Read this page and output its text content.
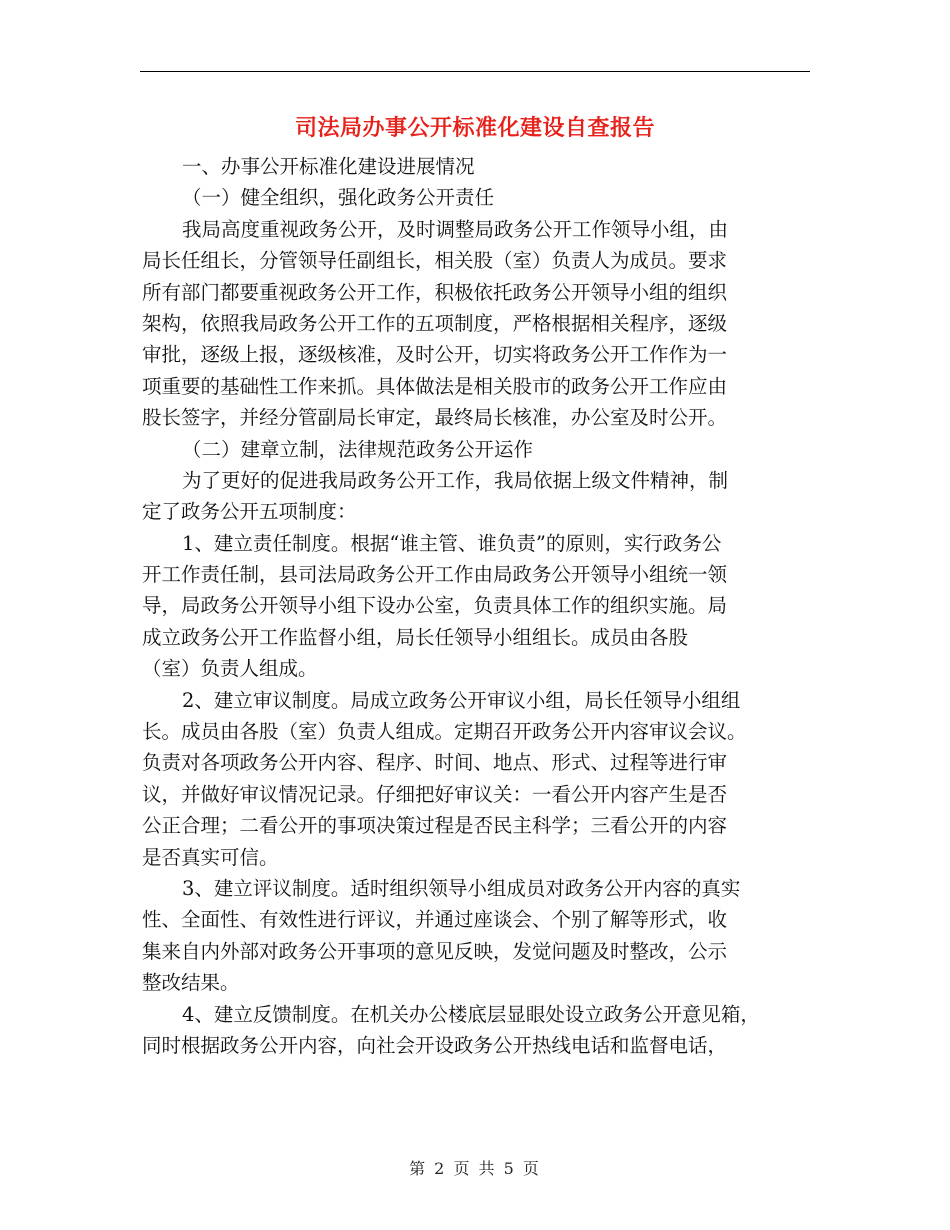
司法局办事公开标准化建设自查报告
一、办事公开标准化建设进展情况
（一）健全组织，强化政务公开责任
我局高度重视政务公开，及时调整局政务公开工作领导小组，由
局长任组长，分管领导任副组长，相关股（室）负责人为成员。要求
所有部门都要重视政务公开工作，积极依托政务公开领导小组的组织
架构，依照我局政务公开工作的五项制度，严格根据相关程序，逐级
审批，逐级上报，逐级核准，及时公开，切实将政务公开工作作为一
项重要的基础性工作来抓。具体做法是相关股市的政务公开工作应由
股长签字，并经分管副局长审定，最终局长核准，办公室及时公开。
（二）建章立制，法律规范政务公开运作
为了更好的促进我局政务公开工作，我局依据上级文件精神，制
定了政务公开五项制度：
1、建立责任制度。根据“谁主管、谁负责”的原则，实行政务公
开工作责任制，县司法局政务公开工作由局政务公开领导小组统一领
导，局政务公开领导小组下设办公室，负责具体工作的组织实施。局
成立政务公开工作监督小组，局长任领导小组组长。成员由各股
（室）负责人组成。
2、建立审议制度。局成立政务公开审议小组，局长任领导小组组
长。成员由各股（室）负责人组成。定期召开政务公开内容审议会议。
负责对各项政务公开内容、程序、时间、地点、形式、过程等进行审
议，并做好审议情况记录。仔细把好审议关：一看公开内容产生是否
公正合理；二看公开的事项决策过程是否民主科学；三看公开的内容
是否真实可信。
3、建立评议制度。适时组织领导小组成员对政务公开内容的真实
性、全面性、有效性进行评议，并通过座谈会、个别了解等形式，收
集来自内外部对政务公开事项的意见反映，发觉问题及时整改，公示
整改结果。
4、建立反馈制度。在机关办公楼底层显眼处设立政务公开意见箱，
同时根据政务公开内容，向社会开设政务公开热线电话和监督电话，
第 2 页 共 5 页
